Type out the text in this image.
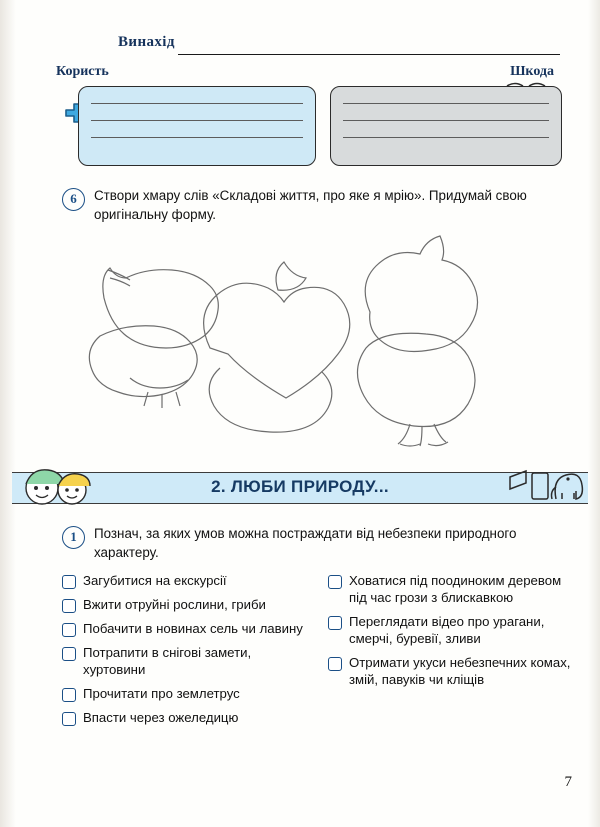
Винахід
Користь	Шкода
6	Створи хмару слів «Складові життя, про яке я мрію». Придумай свою оригінальну форму.
2. ЛЮБИ ПРИРОДУ...
1	Познач, за яких умов можна постраждати від небезпеки природного характеру.
Загубитися на екскурсії
Вжити отруйні рослини, гриби
Побачити в новинах сель чи лавину
Потрапити в снігові замети, хуртовини
Прочитати про землетрус
Впасти через ожеледицю
Ховатися під поодиноким деревом під час грози з блискавкою
Переглядати відео про урагани, смерчі, буревії, зливи
Отримати укуси небезпечних комах, змій, павуків чи кліщів
7
